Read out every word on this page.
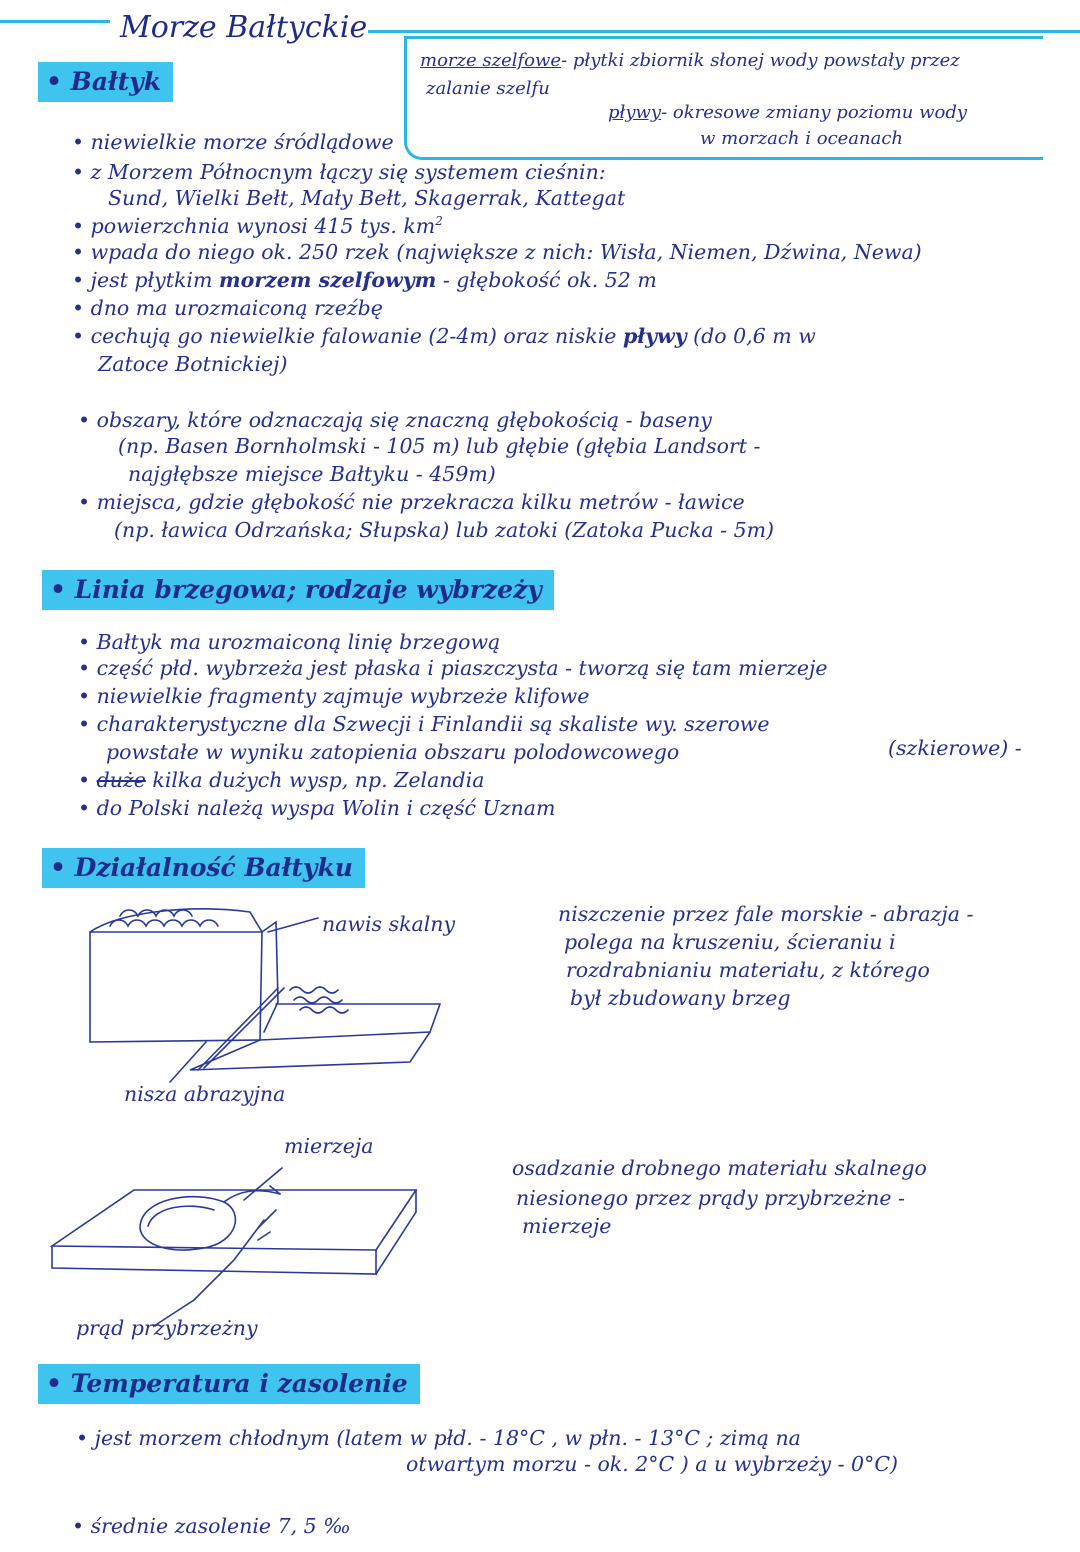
Morze Bałtyckie
morze szelfowe- płytki zbiornik słonej wody powstały przez
zalanie szelfu
pływy- okresowe zmiany poziomu wody
w morzach i oceanach
• Bałtyk
• niewielkie morze śródlądowe
• z Morzem Północnym łączy się systemem cieśnin:
Sund, Wielki Bełt, Mały Bełt, Skagerrak, Kattegat
• powierzchnia wynosi 415 tys. $km^2$
• wpada do niego ok. 250 rzek (największe z nich: Wisła, Niemen, Dźwina, Newa)
• jest płytkim morzem szelfowym - głębokość ok. 52 m
• dno ma urozmaiconą rzeźbę
• cechują go niewielkie falowanie (2-4m) oraz niskie pływy (do 0,6 m w
Zatoce Botnickiej)
• obszary, które odznaczają się znaczną głębokością - baseny
(np. Basen Bornholmski - 105 m) lub głębie (głębia Landsort -
najgłębsze miejsce Bałtyku - 459m)
• miejsca, gdzie głębokość nie przekracza kilku metrów - ławice
(np. ławica Odrzańska; Słupska) lub zatoki (Zatoka Pucka - 5m)
• Linia brzegowa; rodzaje wybrzeży
• Bałtyk ma urozmaiconą linię brzegową
• część płd. wybrzeża jest płaska i piaszczysta - tworzą się tam mierzeje
• niewielkie fragmenty zajmuje wybrzeże klifowe
• charakterystyczne dla Szwecji i Finlandii są skaliste wy. szerowe
(szkierowe) -
powstałe w wyniku zatopienia obszaru polodowcowego
• duże kilka dużych wysp, np. Zelandia
• do Polski należą wyspa Wolin i część Uznam
• Działalność Bałtyku
nawis skalny
nisza abrazyjna
niszczenie przez fale morskie - abrazja -
polega na kruszeniu, ścieraniu i
rozdrabnianiu materiału, z którego
był zbudowany brzeg
mierzeja
prąd przybrzeżny
osadzanie drobnego materiału skalnego
niesionego przez prądy przybrzeżne -
mierzeje
• Temperatura i zasolenie
• jest morzem chłodnym (latem w płd. - 18°C , w płn. - 13°C ; zimą na
otwartym morzu - ok. 2°C ) a u wybrzeży - 0°C)
• średnie zasolenie 7, 5 ‰
